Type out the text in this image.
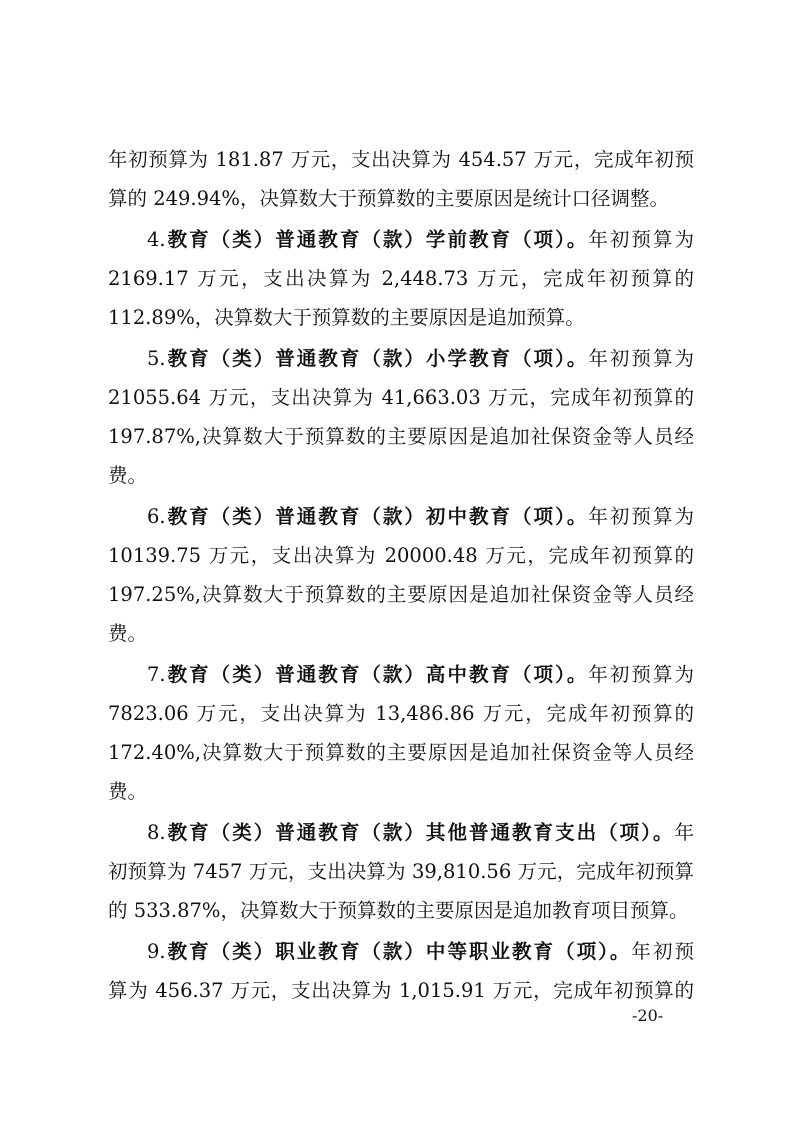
年初预算为 181.87 万元，支出决算为 454.57 万元，完成年初预
算的 249.94%，决算数大于预算数的主要原因是统计口径调整。
4.教育（类）普通教育（款）学前教育（项）。年初预算为
2169.17 万元，支出决算为 2,448.73 万元，完成年初预算的
112.89%，决算数大于预算数的主要原因是追加预算。
5.教育（类）普通教育（款）小学教育（项）。年初预算为
21055.64 万元，支出决算为 41,663.03 万元，完成年初预算的
197.87%,决算数大于预算数的主要原因是追加社保资金等人员经
费。
6.教育（类）普通教育（款）初中教育（项）。年初预算为
10139.75 万元，支出决算为 20000.48 万元，完成年初预算的
197.25%,决算数大于预算数的主要原因是追加社保资金等人员经
费。
7.教育（类）普通教育（款）高中教育（项）。年初预算为
7823.06 万元，支出决算为 13,486.86 万元，完成年初预算的
172.40%,决算数大于预算数的主要原因是追加社保资金等人员经
费。
8.教育（类）普通教育（款）其他普通教育支出（项）。年
初预算为 7457 万元，支出决算为 39,810.56 万元，完成年初预算
的 533.87%，决算数大于预算数的主要原因是追加教育项目预算。
9.教育（类）职业教育（款）中等职业教育（项）。年初预
算为 456.37 万元，支出决算为 1,015.91 万元，完成年初预算的
-20-
